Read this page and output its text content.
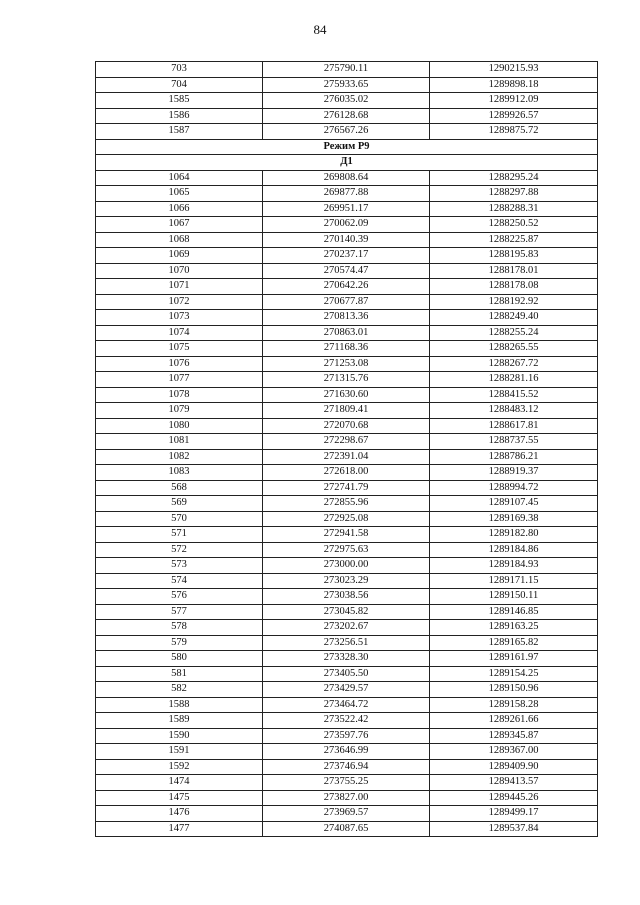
84
703	275790.11	1290215.93
704	275933.65	1289898.18
1585	276035.02	1289912.09
1586	276128.68	1289926.57
1587	276567.26	1289875.72
Режим Р9		
Д1		
1064	269808.64	1288295.24
1065	269877.88	1288297.88
1066	269951.17	1288288.31
1067	270062.09	1288250.52
1068	270140.39	1288225.87
1069	270237.17	1288195.83
1070	270574.47	1288178.01
1071	270642.26	1288178.08
1072	270677.87	1288192.92
1073	270813.36	1288249.40
1074	270863.01	1288255.24
1075	271168.36	1288265.55
1076	271253.08	1288267.72
1077	271315.76	1288281.16
1078	271630.60	1288415.52
1079	271809.41	1288483.12
1080	272070.68	1288617.81
1081	272298.67	1288737.55
1082	272391.04	1288786.21
1083	272618.00	1288919.37
568	272741.79	1288994.72
569	272855.96	1289107.45
570	272925.08	1289169.38
571	272941.58	1289182.80
572	272975.63	1289184.86
573	273000.00	1289184.93
574	273023.29	1289171.15
576	273038.56	1289150.11
577	273045.82	1289146.85
578	273202.67	1289163.25
579	273256.51	1289165.82
580	273328.30	1289161.97
581	273405.50	1289154.25
582	273429.57	1289150.96
1588	273464.72	1289158.28
1589	273522.42	1289261.66
1590	273597.76	1289345.87
1591	273646.99	1289367.00
1592	273746.94	1289409.90
1474	273755.25	1289413.57
1475	273827.00	1289445.26
1476	273969.57	1289499.17
1477	274087.65	1289537.84
